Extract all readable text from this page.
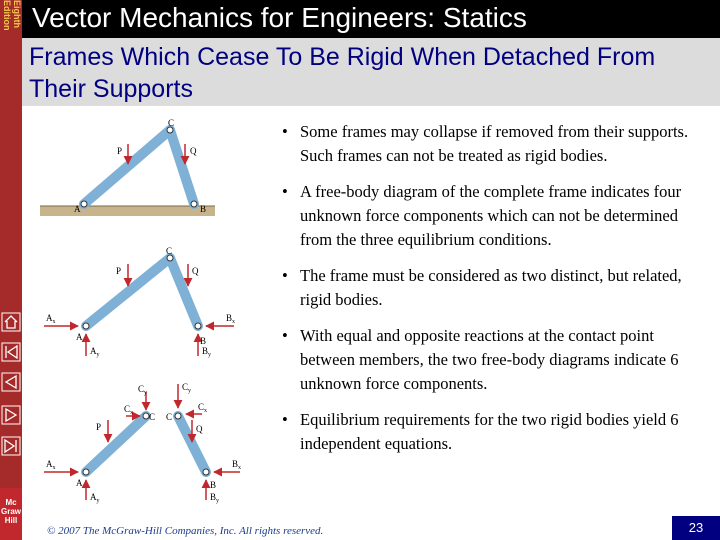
Eighth
Edition
Mc
Graw
Hill
Vector Mechanics for Engineers: Statics
Frames Which Cease To Be Rigid When Detached From Their Supports
C
P	Q
A	B
C
P	Q
A	B
$A_x$
$A_y$
$B_x$
$B_y$
C C
$C_y$
$C_x$
$C_y$
$C_x$
P	Q
A	B
$A_x$
$A_y$
$B_x$
$B_y$
• Some frames may collapse if removed from their supports. Such frames can not be treated as rigid bodies.
• A free-body diagram of the complete frame indicates four unknown force components which can not be determined from the three equilibrium conditions.
• The frame must be considered as two distinct, but related, rigid bodies.
• With equal and opposite reactions at the contact point between members, the two free-body diagrams indicate 6 unknown force components.
• Equilibrium requirements for the two rigid bodies yield 6 independent equations.
© 2007 The McGraw-Hill Companies, Inc. All rights reserved.	23
